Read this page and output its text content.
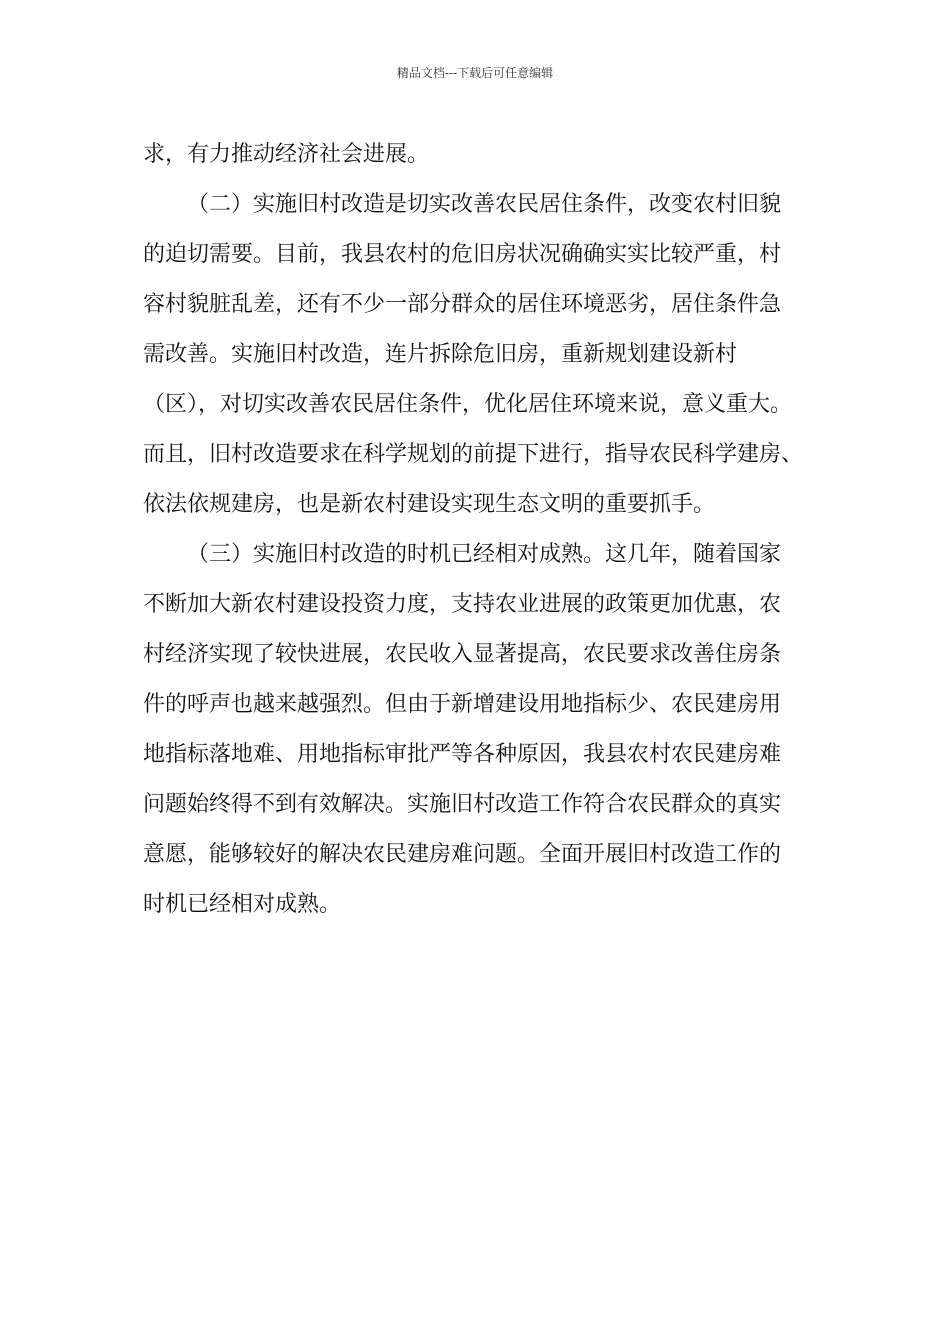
精品文档---下载后可任意编辑
求，有力推动经济社会进展。
（二）实施旧村改造是切实改善农民居住条件，改变农村旧貌
的迫切需要。目前，我县农村的危旧房状况确确实实比较严重，村
容村貌脏乱差，还有不少一部分群众的居住环境恶劣，居住条件急
需改善。实施旧村改造，连片拆除危旧房，重新规划建设新村
（区），对切实改善农民居住条件，优化居住环境来说，意义重大。
而且，旧村改造要求在科学规划的前提下进行，指导农民科学建房、
依法依规建房，也是新农村建设实现生态文明的重要抓手。
（三）实施旧村改造的时机已经相对成熟。这几年，随着国家
不断加大新农村建设投资力度，支持农业进展的政策更加优惠，农
村经济实现了较快进展，农民收入显著提高，农民要求改善住房条
件的呼声也越来越强烈。但由于新增建设用地指标少、农民建房用
地指标落地难、用地指标审批严等各种原因，我县农村农民建房难
问题始终得不到有效解决。实施旧村改造工作符合农民群众的真实
意愿，能够较好的解决农民建房难问题。全面开展旧村改造工作的
时机已经相对成熟。
